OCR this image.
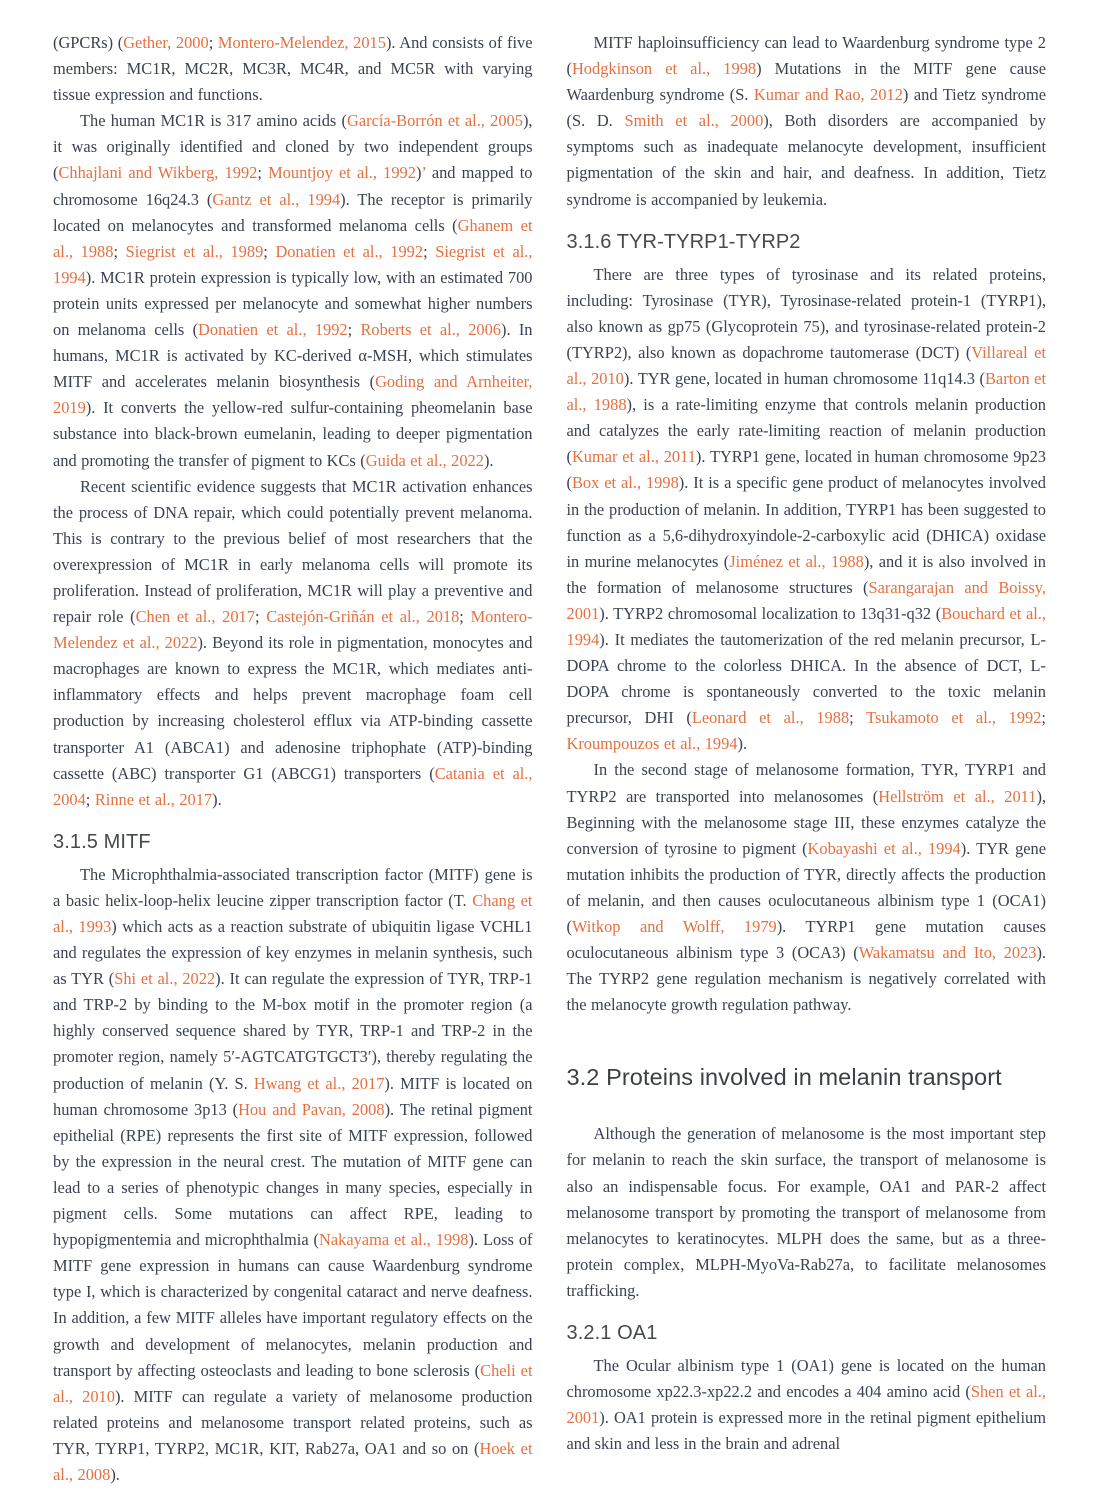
(GPCRs) (Gether, 2000; Montero-Melendez, 2015). And consists of five members: MC1R, MC2R, MC3R, MC4R, and MC5R with varying tissue expression and functions.

The human MC1R is 317 amino acids (García-Borrón et al., 2005), it was originally identified and cloned by two independent groups (Chhajlani and Wikberg, 1992; Mountjoy et al., 1992)’ and mapped to chromosome 16q24.3 (Gantz et al., 1994). The receptor is primarily located on melanocytes and transformed melanoma cells (Ghanem et al., 1988; Siegrist et al., 1989; Donatien et al., 1992; Siegrist et al., 1994). MC1R protein expression is typically low, with an estimated 700 protein units expressed per melanocyte and somewhat higher numbers on melanoma cells (Donatien et al., 1992; Roberts et al., 2006). In humans, MC1R is activated by KC-derived α-MSH, which stimulates MITF and accelerates melanin biosynthesis (Goding and Arnheiter, 2019). It converts the yellow-red sulfur-containing pheomelanin base substance into black-brown eumelanin, leading to deeper pigmentation and promoting the transfer of pigment to KCs (Guida et al., 2022).

Recent scientific evidence suggests that MC1R activation enhances the process of DNA repair, which could potentially prevent melanoma. This is contrary to the previous belief of most researchers that the overexpression of MC1R in early melanoma cells will promote its proliferation. Instead of proliferation, MC1R will play a preventive and repair role (Chen et al., 2017; Castejón-Griñán et al., 2018; Montero-Melendez et al., 2022). Beyond its role in pigmentation, monocytes and macrophages are known to express the MC1R, which mediates anti-inflammatory effects and helps prevent macrophage foam cell production by increasing cholesterol efflux via ATP-binding cassette transporter A1 (ABCA1) and adenosine triphophate (ATP)-binding cassette (ABC) transporter G1 (ABCG1) transporters (Catania et al., 2004; Rinne et al., 2017).

3.1.5 MITF

The Microphthalmia-associated transcription factor (MITF) gene is a basic helix-loop-helix leucine zipper transcription factor (T. Chang et al., 1993) which acts as a reaction substrate of ubiquitin ligase VCHL1 and regulates the expression of key enzymes in melanin synthesis, such as TYR (Shi et al., 2022). It can regulate the expression of TYR, TRP-1 and TRP-2 by binding to the M-box motif in the promoter region (a highly conserved sequence shared by TYR, TRP-1 and TRP-2 in the promoter region, namely 5′-AGTCATGTGCT3′), thereby regulating the production of melanin (Y. S. Hwang et al., 2017). MITF is located on human chromosome 3p13 (Hou and Pavan, 2008). The retinal pigment epithelial (RPE) represents the first site of MITF expression, followed by the expression in the neural crest. The mutation of MITF gene can lead to a series of phenotypic changes in many species, especially in pigment cells. Some mutations can affect RPE, leading to hypopigmentemia and microphthalmia (Nakayama et al., 1998). Loss of MITF gene expression in humans can cause Waardenburg syndrome type I, which is characterized by congenital cataract and nerve deafness. In addition, a few MITF alleles have important regulatory effects on the growth and development of melanocytes, melanin production and transport by affecting osteoclasts and leading to bone sclerosis (Cheli et al., 2010). MITF can regulate a variety of melanosome production related proteins and melanosome transport related proteins, such as TYR, TYRP1, TYRP2, MC1R, KIT, Rab27a, OA1 and so on (Hoek et al., 2008).

MITF haploinsufficiency can lead to Waardenburg syndrome type 2 (Hodgkinson et al., 1998) Mutations in the MITF gene cause Waardenburg syndrome (S. Kumar and Rao, 2012) and Tietz syndrome (S. D. Smith et al., 2000), Both disorders are accompanied by symptoms such as inadequate melanocyte development, insufficient pigmentation of the skin and hair, and deafness. In addition, Tietz syndrome is accompanied by leukemia.

3.1.6 TYR-TYRP1-TYRP2

There are three types of tyrosinase and its related proteins, including: Tyrosinase (TYR), Tyrosinase-related protein-1 (TYRP1), also known as gp75 (Glycoprotein 75), and tyrosinase-related protein-2 (TYRP2), also known as dopachrome tautomerase (DCT) (Villareal et al., 2010). TYR gene, located in human chromosome 11q14.3 (Barton et al., 1988), is a rate-limiting enzyme that controls melanin production and catalyzes the early rate-limiting reaction of melanin production (Kumar et al., 2011). TYRP1 gene, located in human chromosome 9p23 (Box et al., 1998). It is a specific gene product of melanocytes involved in the production of melanin. In addition, TYRP1 has been suggested to function as a 5,6-dihydroxyindole-2-carboxylic acid (DHICA) oxidase in murine melanocytes (Jiménez et al., 1988), and it is also involved in the formation of melanosome structures (Sarangarajan and Boissy, 2001). TYRP2 chromosomal localization to 13q31-q32 (Bouchard et al., 1994). It mediates the tautomerization of the red melanin precursor, L-DOPA chrome to the colorless DHICA. In the absence of DCT, L-DOPA chrome is spontaneously converted to the toxic melanin precursor, DHI (Leonard et al., 1988; Tsukamoto et al., 1992; Kroumpouzos et al., 1994).

In the second stage of melanosome formation, TYR, TYRP1 and TYRP2 are transported into melanosomes (Hellström et al., 2011), Beginning with the melanosome stage III, these enzymes catalyze the conversion of tyrosine to pigment (Kobayashi et al., 1994). TYR gene mutation inhibits the production of TYR, directly affects the production of melanin, and then causes oculocutaneous albinism type 1 (OCA1) (Witkop and Wolff, 1979). TYRP1 gene mutation causes oculocutaneous albinism type 3 (OCA3) (Wakamatsu and Ito, 2023). The TYRP2 gene regulation mechanism is negatively correlated with the melanocyte growth regulation pathway.

3.2 Proteins involved in melanin transport

Although the generation of melanosome is the most important step for melanin to reach the skin surface, the transport of melanosome is also an indispensable focus. For example, OA1 and PAR-2 affect melanosome transport by promoting the transport of melanosome from melanocytes to keratinocytes. MLPH does the same, but as a three-protein complex, MLPH-MyoVa-Rab27a, to facilitate melanosomes trafficking.

3.2.1 OA1

The Ocular albinism type 1 (OA1) gene is located on the human chromosome xp22.3-xp22.2 and encodes a 404 amino acid (Shen et al., 2001). OA1 protein is expressed more in the retinal pigment epithelium and skin and less in the brain and adrenal
